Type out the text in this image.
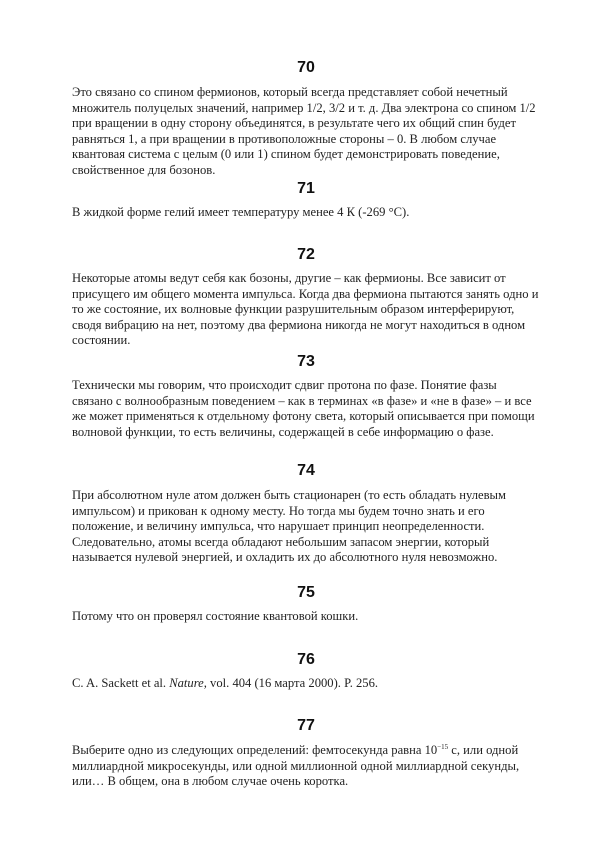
70

Это связано со спином фермионов, который всегда представляет собой нечетный множитель полуцелых значений, например 1/2, 3/2 и т. д. Два электрона со спином 1/2 при вращении в одну сторону объединятся, в результате чего их общий спин будет равняться 1, а при вращении в противоположные стороны – 0. В любом случае квантовая система с целым (0 или 1) спином будет демонстрировать поведение, свойственное для бозонов.

71

В жидкой форме гелий имеет температуру менее 4 К (-269 °С).

72

Некоторые атомы ведут себя как бозоны, другие – как фермионы. Все зависит от присущего им общего момента импульса. Когда два фермиона пытаются занять одно и то же состояние, их волновые функции разрушительным образом интерферируют, сводя вибрацию на нет, поэтому два фермиона никогда не могут находиться в одном состоянии.

73

Технически мы говорим, что происходит сдвиг протона по фазе. Понятие фазы связано с волнообразным поведением – как в терминах «в фазе» и «не в фазе» – и все же может применяться к отдельному фотону света, который описывается при помощи волновой функции, то есть величины, содержащей в себе информацию о фазе.

74

При абсолютном нуле атом должен быть стационарен (то есть обладать нулевым импульсом) и прикован к одному месту. Но тогда мы будем точно знать и его положение, и величину импульса, что нарушает принцип неопределенности. Следовательно, атомы всегда обладают небольшим запасом энергии, который называется нулевой энергией, и охладить их до абсолютного нуля невозможно.

75

Потому что он проверял состояние квантовой кошки.

76

C. A. Sackett et al. Nature, vol. 404 (16 марта 2000). P. 256.

77

Выберите одно из следующих определений: фемтосекунда равна $10^{-15}$ с, или одной миллиардной микросекунды, или одной миллионной одной миллиардной секунды, или… В общем, она в любом случае очень коротка.
